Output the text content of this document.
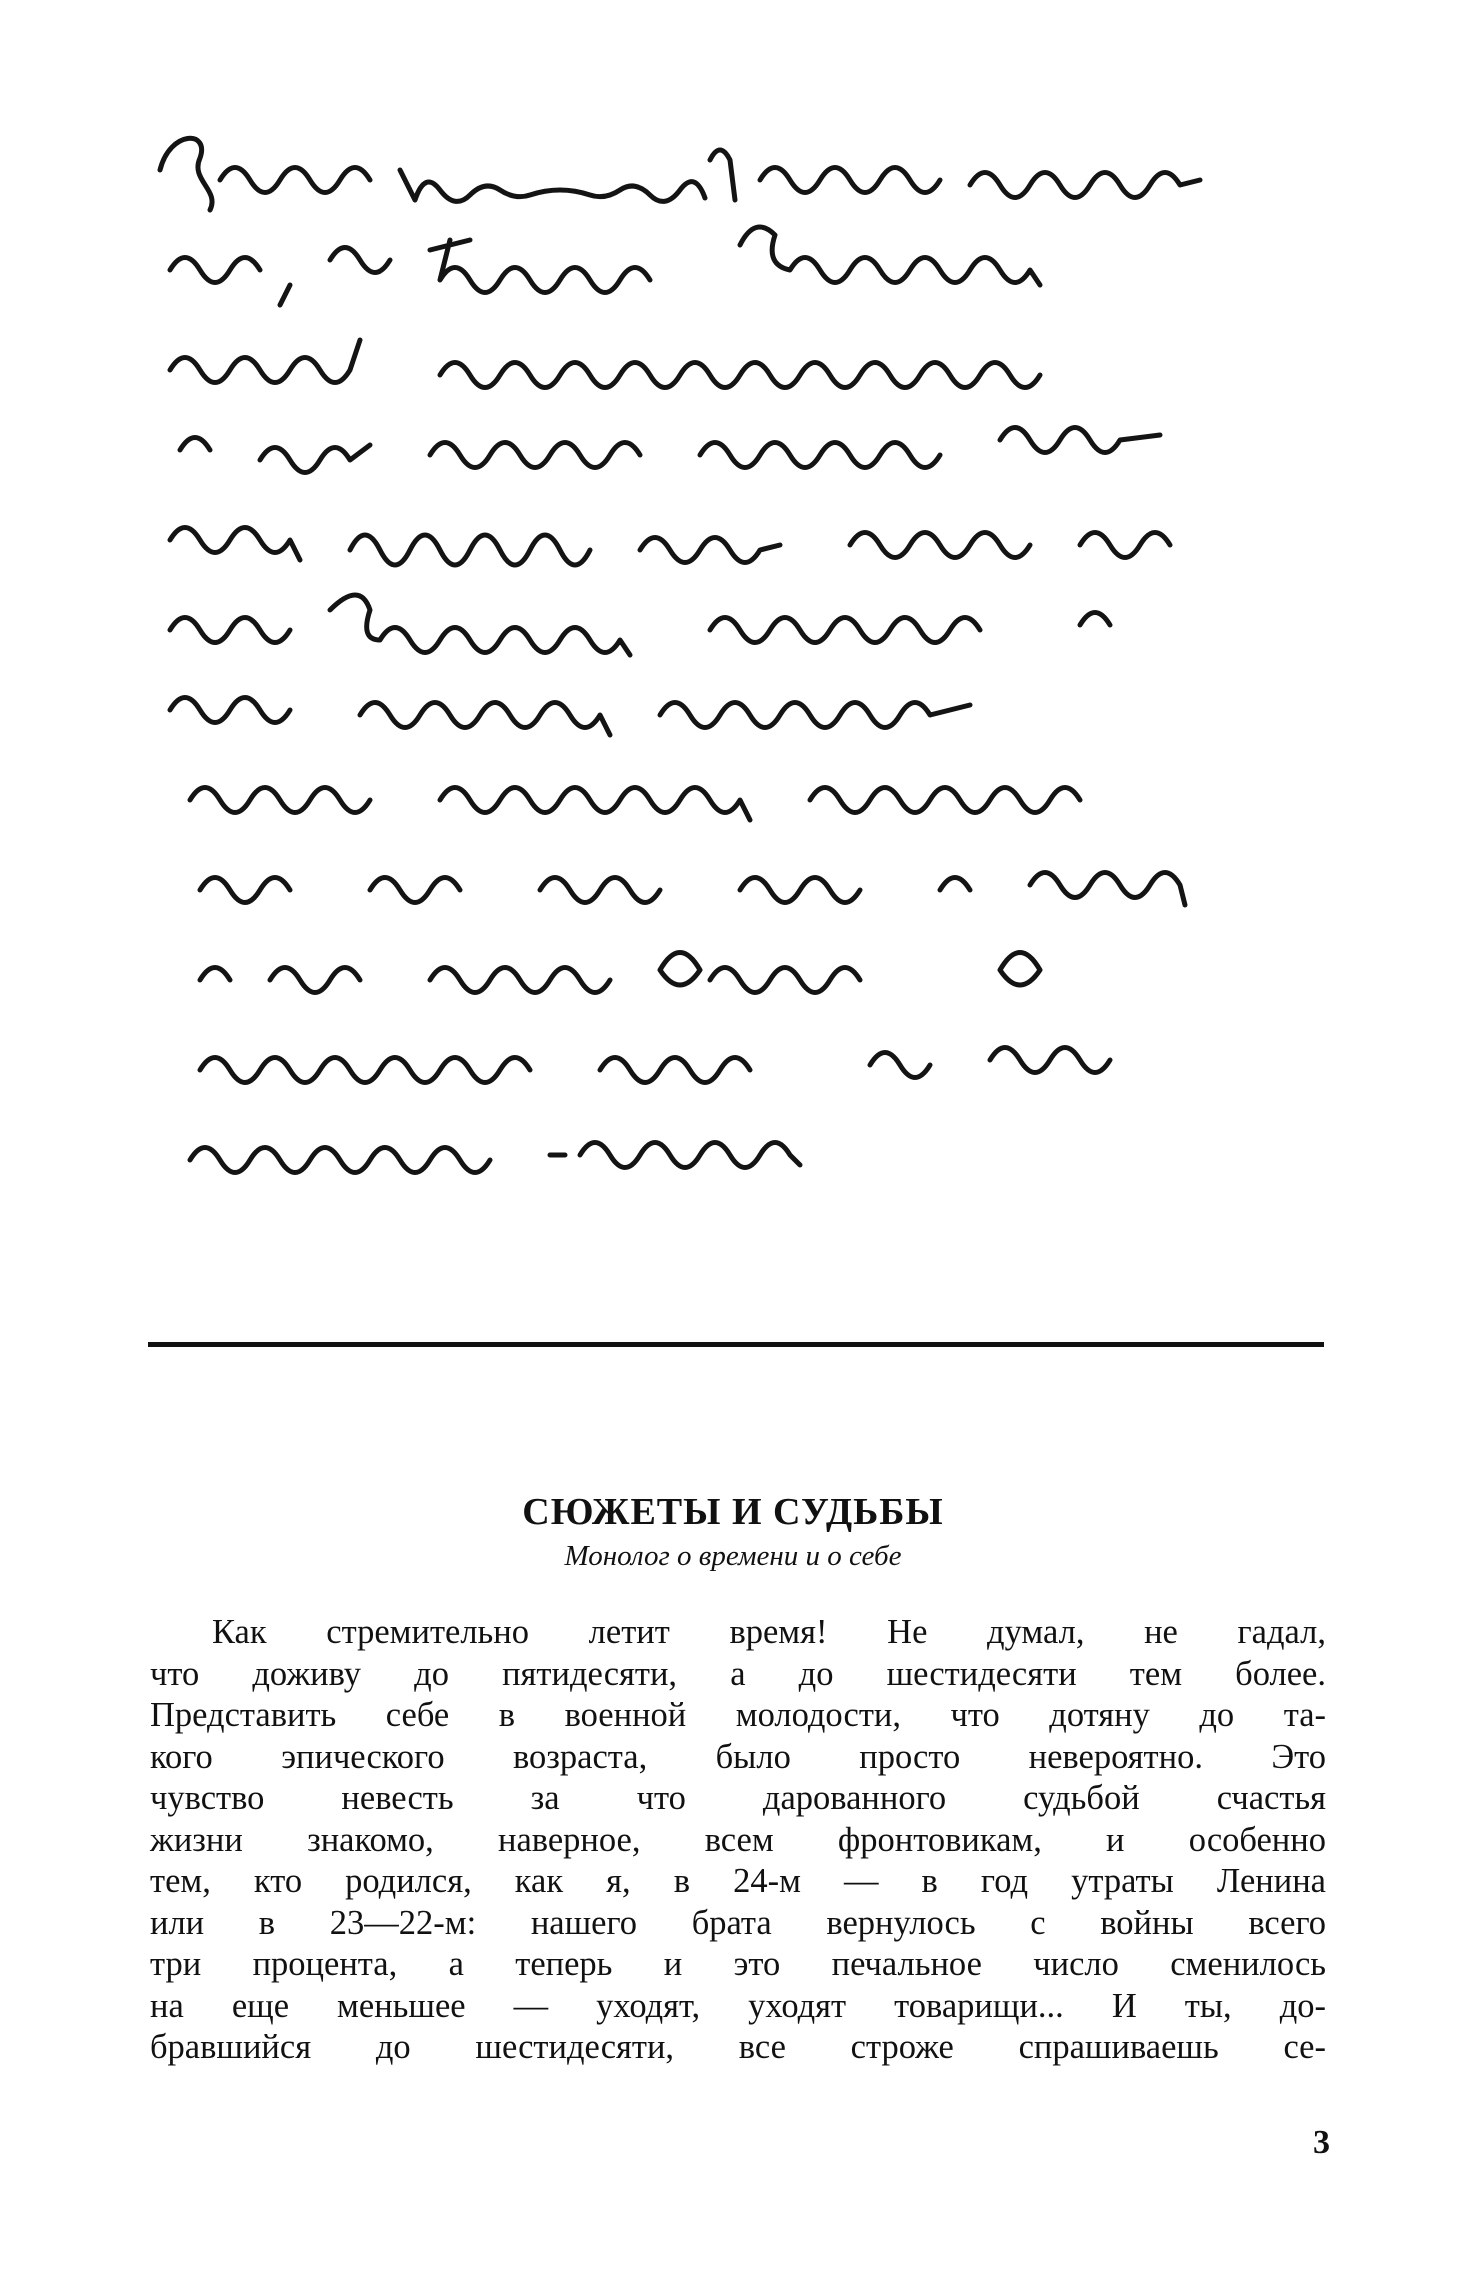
СЮЖЕТЫ И СУДЬБЫ

Монолог о времени и о себе

Как стремительно летит время! Не думал, не гадал,
что доживу до пятидесяти, а до шестидесяти тем более.
Представить себе в военной молодости, что дотяну до та-
кого эпического возраста, было просто невероятно. Это
чувство невесть за что дарованного судьбой счастья
жизни знакомо, наверное, всем фронтовикам, и особенно
тем, кто родился, как я, в 24-м — в год утраты Ленина
или в 23—22-м: нашего брата вернулось с войны всего
три процента, а теперь и это печальное число сменилось
на еще меньшее — уходят, уходят товарищи... И ты, до-
бравшийся до шестидесяти, все строже спрашиваешь се-
3
